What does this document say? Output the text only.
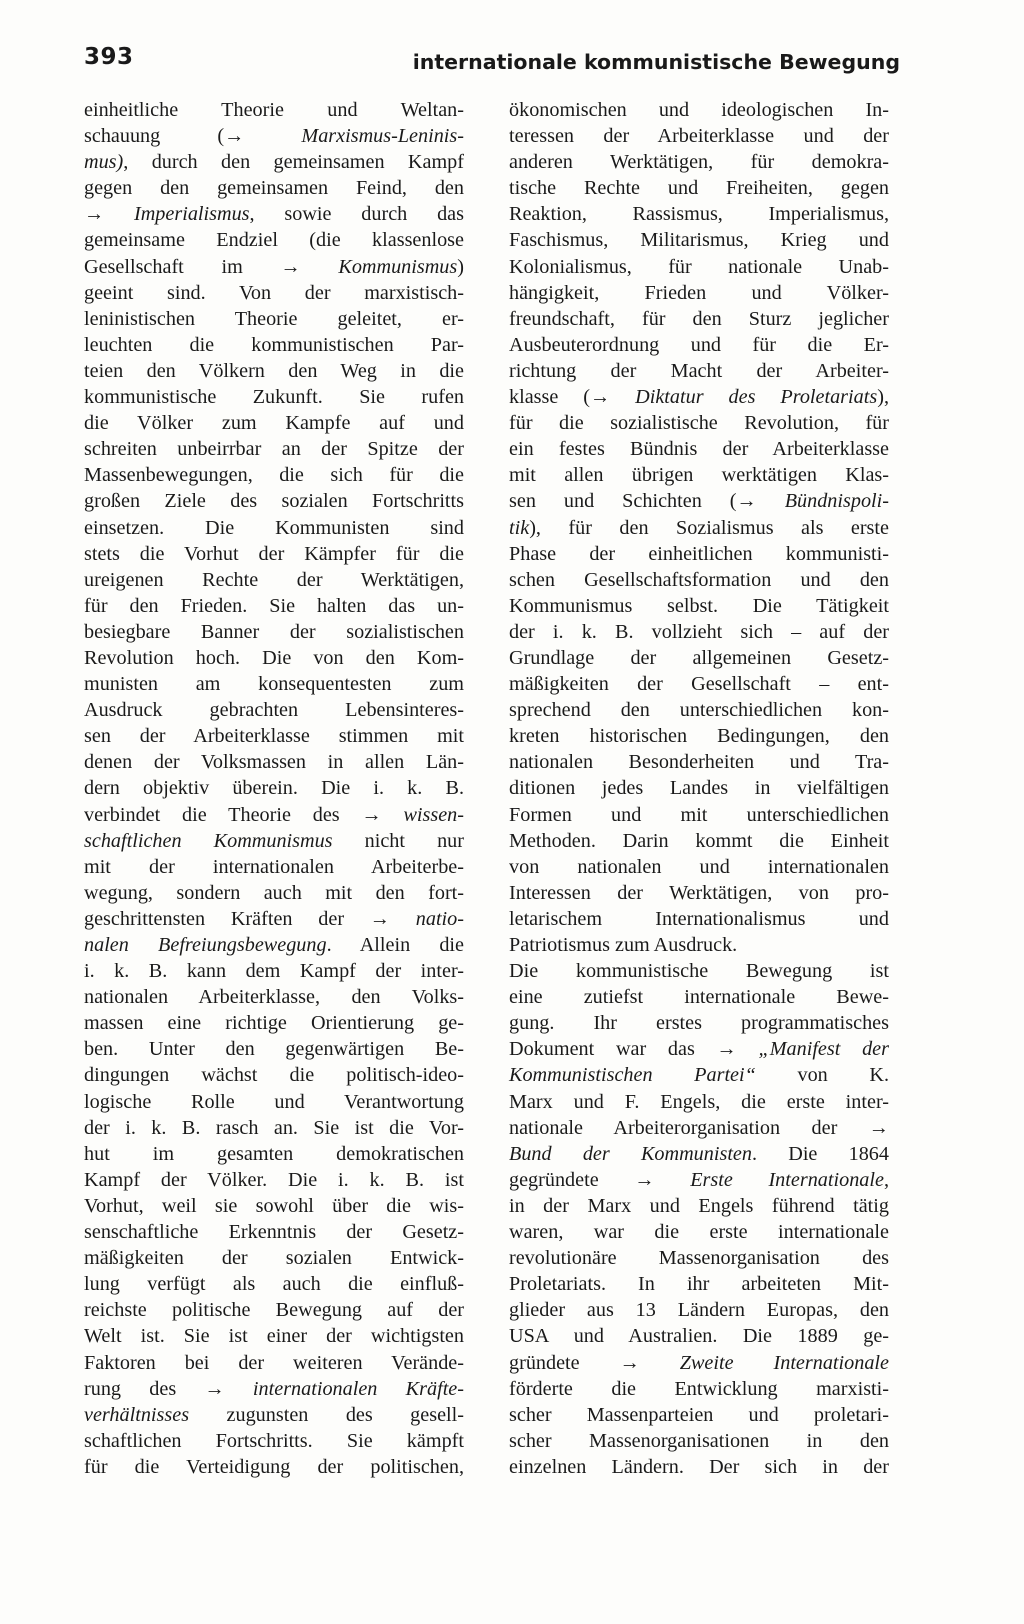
393	internationale kommunistische Bewegung
einheitliche Theorie und Weltan-
schauung (→ Marxismus-Leninis-
mus), durch den gemeinsamen Kampf
gegen den gemeinsamen Feind, den
→ Imperialismus, sowie durch das
gemeinsame Endziel (die klassenlose
Gesellschaft im → Kommunismus)
geeint sind. Von der marxistisch-
leninistischen Theorie geleitet, er-
leuchten die kommunistischen Par-
teien den Völkern den Weg in die
kommunistische Zukunft. Sie rufen
die Völker zum Kampfe auf und
schreiten unbeirrbar an der Spitze der
Massenbewegungen, die sich für die
großen Ziele des sozialen Fortschritts
einsetzen. Die Kommunisten sind
stets die Vorhut der Kämpfer für die
ureigenen Rechte der Werktätigen,
für den Frieden. Sie halten das un-
besiegbare Banner der sozialistischen
Revolution hoch. Die von den Kom-
munisten am konsequentesten zum
Ausdruck gebrachten Lebensinteres-
sen der Arbeiterklasse stimmen mit
denen der Volksmassen in allen Län-
dern objektiv überein. Die i. k. B.
verbindet die Theorie des → wissen-
schaftlichen Kommunismus nicht nur
mit der internationalen Arbeiterbe-
wegung, sondern auch mit den fort-
geschrittensten Kräften der → natio-
nalen Befreiungsbewegung. Allein die
i. k. B. kann dem Kampf der inter-
nationalen Arbeiterklasse, den Volks-
massen eine richtige Orientierung ge-
ben. Unter den gegenwärtigen Be-
dingungen wächst die politisch-ideo-
logische Rolle und Verantwortung
der i. k. B. rasch an. Sie ist die Vor-
hut im gesamten demokratischen
Kampf der Völker. Die i. k. B. ist
Vorhut, weil sie sowohl über die wis-
senschaftliche Erkenntnis der Gesetz-
mäßigkeiten der sozialen Entwick-
lung verfügt als auch die einfluß-
reichste politische Bewegung auf der
Welt ist. Sie ist einer der wichtigsten
Faktoren bei der weiteren Verände-
rung des → internationalen Kräfte-
verhältnisses zugunsten des gesell-
schaftlichen Fortschritts. Sie kämpft
für die Verteidigung der politischen,
ökonomischen und ideologischen In-
teressen der Arbeiterklasse und der
anderen Werktätigen, für demokra-
tische Rechte und Freiheiten, gegen
Reaktion, Rassismus, Imperialismus,
Faschismus, Militarismus, Krieg und
Kolonialismus, für nationale Unab-
hängigkeit, Frieden und Völker-
freundschaft, für den Sturz jeglicher
Ausbeuterordnung und für die Er-
richtung der Macht der Arbeiter-
klasse (→ Diktatur des Proletariats),
für die sozialistische Revolution, für
ein festes Bündnis der Arbeiterklasse
mit allen übrigen werktätigen Klas-
sen und Schichten (→ Bündnispoli-
tik), für den Sozialismus als erste
Phase der einheitlichen kommunisti-
schen Gesellschaftsformation und den
Kommunismus selbst. Die Tätigkeit
der i. k. B. vollzieht sich – auf der
Grundlage der allgemeinen Gesetz-
mäßigkeiten der Gesellschaft – ent-
sprechend den unterschiedlichen kon-
kreten historischen Bedingungen, den
nationalen Besonderheiten und Tra-
ditionen jedes Landes in vielfältigen
Formen und mit unterschiedlichen
Methoden. Darin kommt die Einheit
von nationalen und internationalen
Interessen der Werktätigen, von pro-
letarischem Internationalismus und
Patriotismus zum Ausdruck.
Die kommunistische Bewegung ist
eine zutiefst internationale Bewe-
gung. Ihr erstes programmatisches
Dokument war das → „Manifest der
Kommunistischen Partei“ von K.
Marx und F. Engels, die erste inter-
nationale Arbeiterorganisation der →
Bund der Kommunisten. Die 1864
gegründete → Erste Internationale,
in der Marx und Engels führend tätig
waren, war die erste internationale
revolutionäre Massenorganisation des
Proletariats. In ihr arbeiteten Mit-
glieder aus 13 Ländern Europas, den
USA und Australien. Die 1889 ge-
gründete → Zweite Internationale
förderte die Entwicklung marxisti-
scher Massenparteien und proletari-
scher Massenorganisationen in den
einzelnen Ländern. Der sich in der
